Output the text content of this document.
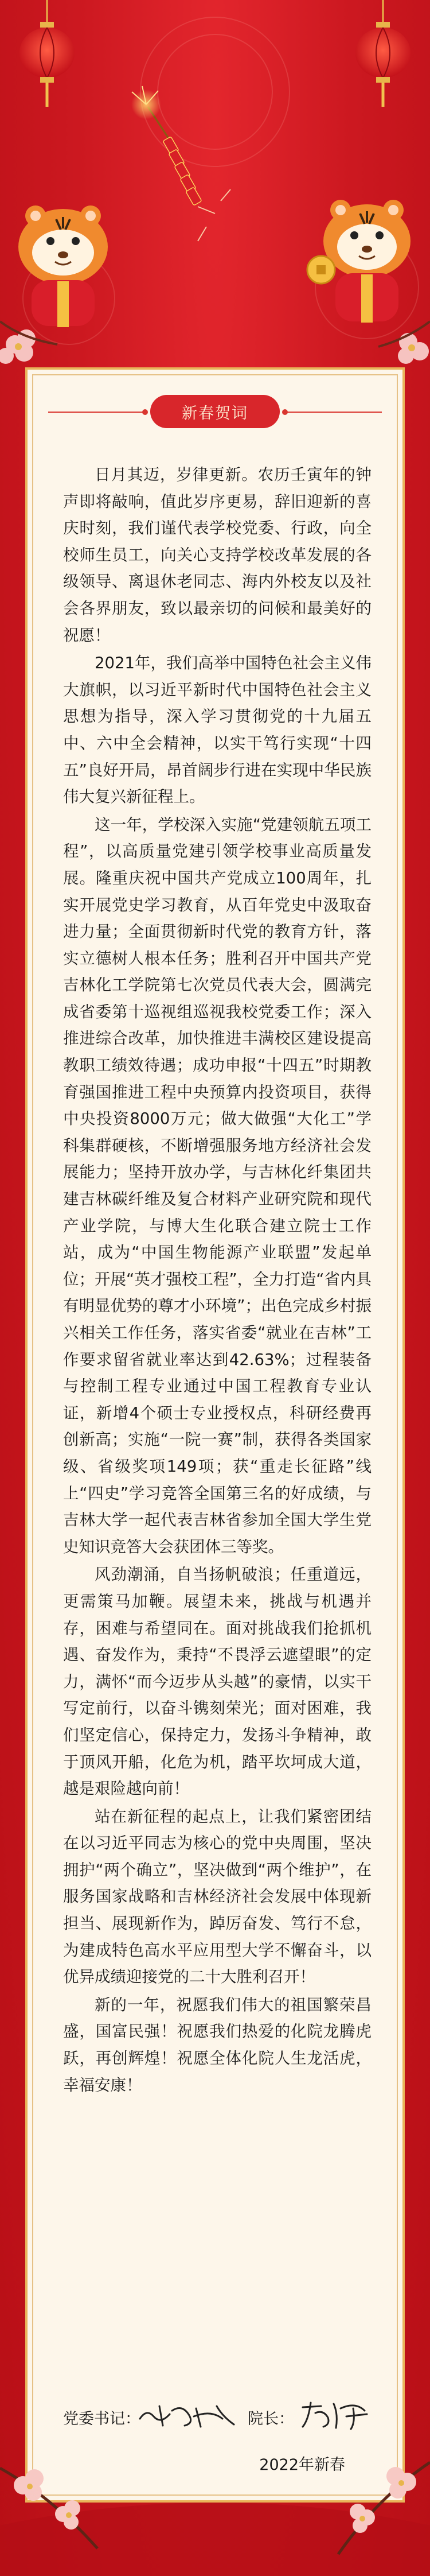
新春贺词

日月其迈，岁律更新。农历壬寅年的钟声即将敲响，值此岁序更易，辞旧迎新的喜庆时刻，我们谨代表学校党委、行政，向全校师生员工，向关心支持学校改革发展的各级领导、离退休老同志、海内外校友以及社会各界朋友，致以最亲切的问候和最美好的祝愿！

2021年，我们高举中国特色社会主义伟大旗帜，以习近平新时代中国特色社会主义思想为指导，深入学习贯彻党的十九届五中、六中全会精神，以实干笃行实现“十四五”良好开局，昂首阔步行进在实现中华民族伟大复兴新征程上。

这一年，学校深入实施“党建领航五项工程”，以高质量党建引领学校事业高质量发展。隆重庆祝中国共产党成立100周年，扎实开展党史学习教育，从百年党史中汲取奋进力量；全面贯彻新时代党的教育方针，落实立德树人根本任务；胜利召开中国共产党吉林化工学院第七次党员代表大会，圆满完成省委第十巡视组巡视我校党委工作；深入推进综合改革，加快推进丰满校区建设提高教职工绩效待遇；成功申报“十四五”时期教育强国推进工程中央预算内投资项目，获得中央投资8000万元；做大做强“大化工”学科集群硬核，不断增强服务地方经济社会发展能力；坚持开放办学，与吉林化纤集团共建吉林碳纤维及复合材料产业研究院和现代产业学院，与博大生化联合建立院士工作站，成为“中国生物能源产业联盟”发起单位；开展“英才强校工程”，全力打造“省内具有明显优势的尊才小环境”；出色完成乡村振兴相关工作任务，落实省委“就业在吉林”工作要求留省就业率达到42.63%；过程装备与控制工程专业通过中国工程教育专业认证，新增4个硕士专业授权点，科研经费再创新高；实施“一院一赛”制，获得各类国家级、省级奖项149项；获“重走长征路”线上“四史”学习竞答全国第三名的好成绩，与吉林大学一起代表吉林省参加全国大学生党史知识竞答大会获团体三等奖。

风劲潮涌，自当扬帆破浪；任重道远，更需策马加鞭。展望未来，挑战与机遇并存，困难与希望同在。面对挑战我们抢抓机遇、奋发作为，秉持“不畏浮云遮望眼”的定力，满怀“而今迈步从头越”的豪情，以实干写定前行，以奋斗镌刻荣光；面对困难，我们坚定信心，保持定力，发扬斗争精神，敢于顶风开船，化危为机，踏平坎坷成大道，越是艰险越向前！

站在新征程的起点上，让我们紧密团结在以习近平同志为核心的党中央周围，坚决拥护“两个确立”，坚决做到“两个维护”，在服务国家战略和吉林经济社会发展中体现新担当、展现新作为，踔厉奋发、笃行不怠，为建成特色高水平应用型大学不懈奋斗，以优异成绩迎接党的二十大胜利召开！

新的一年，祝愿我们伟大的祖国繁荣昌盛，国富民强！祝愿我们热爱的化院龙腾虎跃，再创辉煌！祝愿全体化院人生龙活虎，幸福安康！

党委书记：	院长：
2022年新春
